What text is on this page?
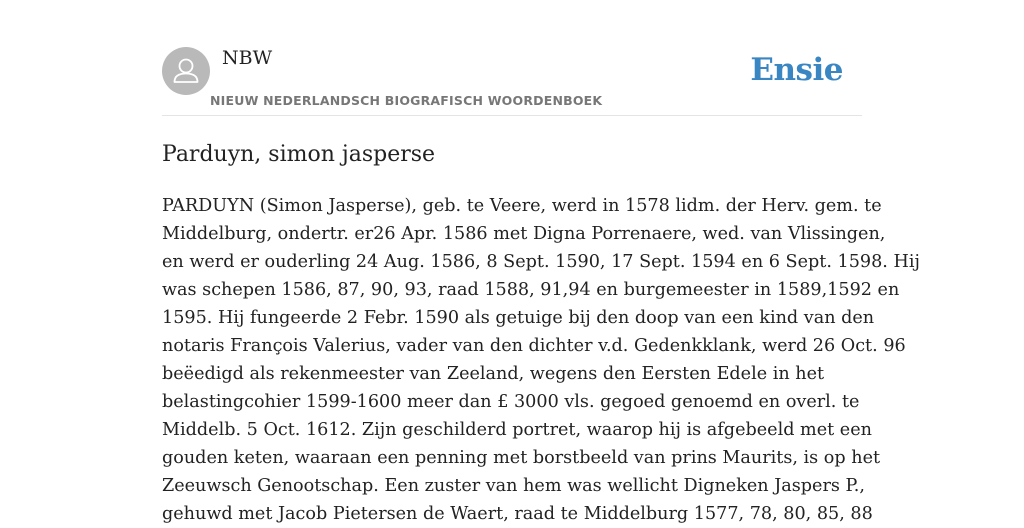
NBW
NIEUW NEDERLANDSCH BIOGRAFISCH WOORDENBOEK
Ensie
Parduyn, simon jasperse

PARDUYN (Simon Jasperse), geb. te Veere, werd in 1578 lidm. der Herv. gem. te
Middelburg, ondertr. er26 Apr. 1586 met Digna Porrenaere, wed. van Vlissingen,
en werd er ouderling 24 Aug. 1586, 8 Sept. 1590, 17 Sept. 1594 en 6 Sept. 1598. Hij
was schepen 1586, 87, 90, 93, raad 1588, 91,94 en burgemeester in 1589,1592 en
1595. Hij fungeerde 2 Febr. 1590 als getuige bij den doop van een kind van den
notaris François Valerius, vader van den dichter v.d. Gedenkklank, werd 26 Oct. 96
beëedigd als rekenmeester van Zeeland, wegens den Eersten Edele in het
belastingcohier 1599-1600 meer dan £ 3000 vls. gegoed genoemd en overl. te
Middelb. 5 Oct. 1612. Zijn geschilderd portret, waarop hij is afgebeeld met een
gouden keten, waaraan een penning met borstbeeld van prins Maurits, is op het
Zeeuwsch Genootschap. Een zuster van hem was wellicht Digneken Jaspers P.,
gehuwd met Jacob Pietersen de Waert, raad te Middelburg 1577, 78, 80, 85, 88
